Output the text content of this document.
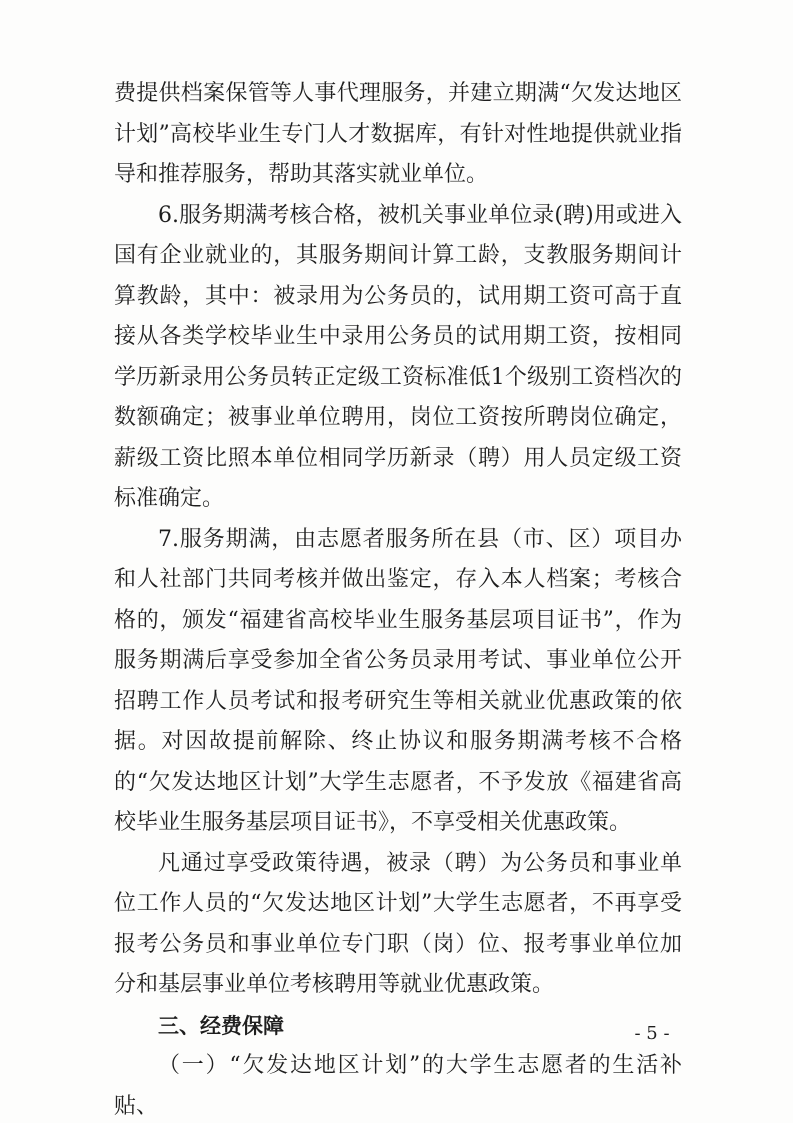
费提供档案保管等人事代理服务，并建立期满“欠发达地区计划”高校毕业生专门人才数据库，有针对性地提供就业指导和推荐服务，帮助其落实就业单位。

6.服务期满考核合格，被机关事业单位录(聘)用或进入国有企业就业的，其服务期间计算工龄，支教服务期间计算教龄，其中：被录用为公务员的，试用期工资可高于直接从各类学校毕业生中录用公务员的试用期工资，按相同学历新录用公务员转正定级工资标准低1个级别工资档次的数额确定；被事业单位聘用，岗位工资按所聘岗位确定，薪级工资比照本单位相同学历新录（聘）用人员定级工资标准确定。

7.服务期满，由志愿者服务所在县（市、区）项目办和人社部门共同考核并做出鉴定，存入本人档案；考核合格的，颁发“福建省高校毕业生服务基层项目证书”，作为服务期满后享受参加全省公务员录用考试、事业单位公开招聘工作人员考试和报考研究生等相关就业优惠政策的依据。对因故提前解除、终止协议和服务期满考核不合格的“欠发达地区计划”大学生志愿者，不予发放《福建省高校毕业生服务基层项目证书》，不享受相关优惠政策。

凡通过享受政策待遇，被录（聘）为公务员和事业单位工作人员的“欠发达地区计划”大学生志愿者，不再享受报考公务员和事业单位专门职（岗）位、报考事业单位加分和基层事业单位考核聘用等就业优惠政策。

三、经费保障

（一）“欠发达地区计划”的大学生志愿者的生活补贴、

- 5 -
